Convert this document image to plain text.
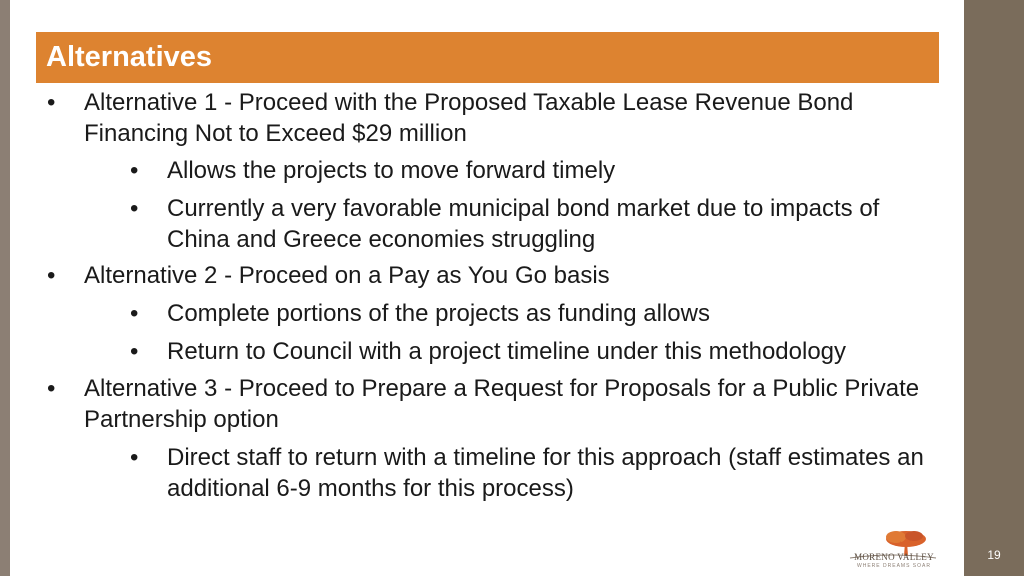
19
Alternatives
• Alternative 1 - Proceed with the Proposed Taxable Lease Revenue Bond Financing Not to Exceed $29 million
• Allows the projects to move forward timely
• Currently a very favorable municipal bond market due to impacts of China and Greece economies struggling
• Alternative 2 - Proceed on a Pay as You Go basis
• Complete portions of the projects as funding allows
• Return to Council with a project timeline under this methodology
• Alternative 3 - Proceed to Prepare a Request for Proposals for a Public Private Partnership option
• Direct staff to return with a timeline for this approach (staff estimates an additional 6-9 months for this process)
MORENO VALLEY
WHERE DREAMS SOAR
